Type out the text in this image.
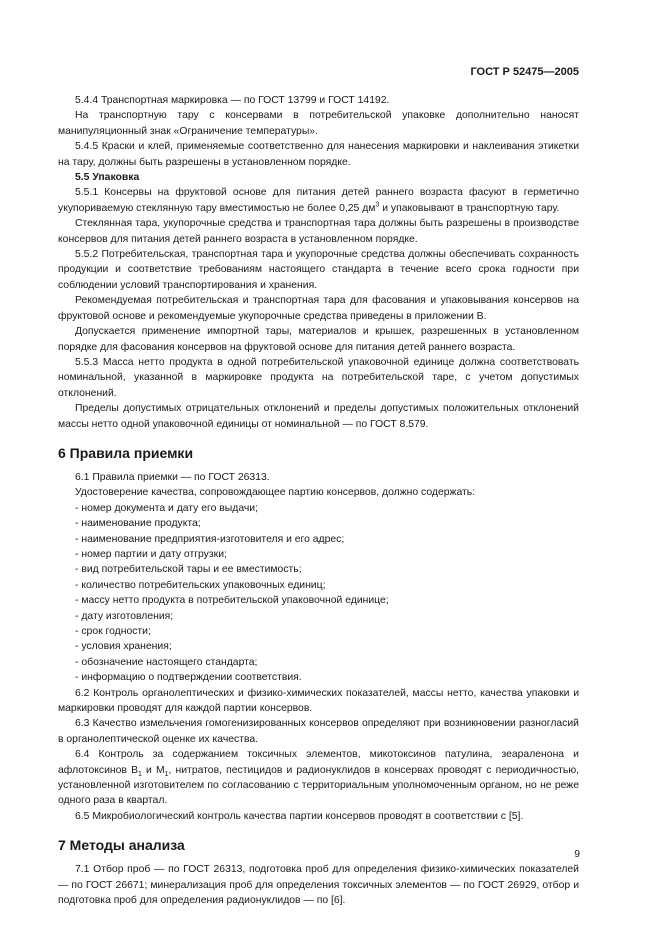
ГОСТ Р 52475—2005

5.4.4 Транспортная маркировка — по ГОСТ 13799 и ГОСТ 14192.

На транспортную тару с консервами в потребительской упаковке дополнительно наносят манипуляционный знак «Ограничение температуры».

5.4.5 Краски и клей, применяемые соответственно для нанесения маркировки и наклеивания этикетки на тару, должны быть разрешены в установленном порядке.

5.5 Упаковка

5.5.1 Консервы на фруктовой основе для питания детей раннего возраста фасуют в герметично укупориваемую стеклянную тару вместимостью не более 0,25 $дм^3$ и упаковывают в транспортную тару.

Стеклянная тара, укупорочные средства и транспортная тара должны быть разрешены в производстве консервов для питания детей раннего возраста в установленном порядке.

5.5.2 Потребительская, транспортная тара и укупорочные средства должны обеспечивать сохранность продукции и соответствие требованиям настоящего стандарта в течение всего срока годности при соблюдении условий транспортирования и хранения.

Рекомендуемая потребительская и транспортная тара для фасования и упаковывания консервов на фруктовой основе и рекомендуемые укупорочные средства приведены в приложении В.

Допускается применение импортной тары, материалов и крышек, разрешенных в установленном порядке для фасования консервов на фруктовой основе для питания детей раннего возраста.

5.5.3 Масса нетто продукта в одной потребительской упаковочной единице должна соответствовать номинальной, указанной в маркировке продукта на потребительской таре, с учетом допустимых отклонений.

Пределы допустимых отрицательных отклонений и пределы допустимых положительных отклонений массы нетто одной упаковочной единицы от номинальной — по ГОСТ 8.579.

6 Правила приемки

6.1 Правила приемки — по ГОСТ 26313.

Удостоверение качества, сопровождающее партию консервов, должно содержать:

- номер документа и дату его выдачи;

- наименование продукта;

- наименование предприятия-изготовителя и его адрес;

- номер партии и дату отгрузки;

- вид потребительской тары и ее вместимость;

- количество потребительских упаковочных единиц;

- массу нетто продукта в потребительской упаковочной единице;

- дату изготовления;

- срок годности;

- условия хранения;

- обозначение настоящего стандарта;

- информацию о подтверждении соответствия.

6.2 Контроль органолептических и физико-химических показателей, массы нетто, качества упаковки и маркировки проводят для каждой партии консервов.

6.3 Качество измельчения гомогенизированных консервов определяют при возникновении разногласий в органолептической оценке их качества.

6.4 Контроль за содержанием токсичных элементов, микотоксинов патулина, зеараленона и афлотоксинов $В_1$ и $М_1$, нитратов, пестицидов и радионуклидов в консервах проводят с периодичностью, установленной изготовителем по согласованию с территориальным уполномоченным органом, но не реже одного раза в квартал.

6.5 Микробиологический контроль качества партии консервов проводят в соответствии с [5].

7 Методы анализа

7.1 Отбор проб — по ГОСТ 26313, подготовка проб для определения физико-химических показателей — по ГОСТ 26671; минерализация проб для определения токсичных элементов — по ГОСТ 26929, отбор и подготовка проб для определения радионуклидов — по [6].

9
